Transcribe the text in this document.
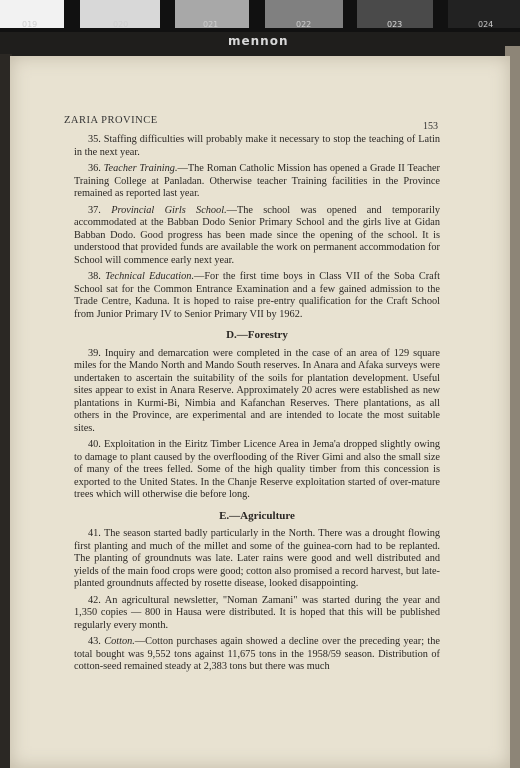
019	020	021	022	023	024
mennon
ZARIA PROVINCE
153

35. Staffing difficulties will probably make it necessary to stop the teaching of Latin in the next year.

36. Teacher Training.—The Roman Catholic Mission has opened a Grade II Teacher Training College at Panladan. Otherwise teacher Training facilities in the Province remained as reported last year.

37. Provincial Girls School.—The school was opened and temporarily accommodated at the Babban Dodo Senior Primary School and the girls live at Gidan Babban Dodo. Good progress has been made since the opening of the school. It is understood that provided funds are available the work on permanent accommodation for School will commence early next year.

38. Technical Education.—For the first time boys in Class VII of the Soba Craft School sat for the Common Entrance Examination and a few gained admission to the Trade Centre, Kaduna. It is hoped to raise pre-entry qualification for the Craft School from Junior Primary IV to Senior Primary VII by 1962.

D.—Forestry

39. Inquiry and demarcation were completed in the case of an area of 129 square miles for the Mando North and Mando South reserves. In Anara and Afaka surveys were undertaken to ascertain the suitability of the soils for plantation development. Useful sites appear to exist in Anara Reserve. Approximately 20 acres were established as new plantations in Kurmi-Bi, Nimbia and Kafanchan Reserves. There plantations, as all others in the Province, are experimental and are intended to locate the most suitable sites.

40. Exploitation in the Eiritz Timber Licence Area in Jema'a dropped slightly owing to damage to plant caused by the overflooding of the River Gimi and also the small size of many of the trees felled. Some of the high quality timber from this concession is exported to the United States. In the Chanje Reserve exploitation started of over-mature trees which will otherwise die before long.

E.—Agriculture

41. The season started badly particularly in the North. There was a drought flowing first planting and much of the millet and some of the guinea-corn had to be replanted. The planting of groundnuts was late. Later rains were good and well distributed and yields of the main food crops were good; cotton also promised a record harvest, but late-planted groundnuts affected by rosette disease, looked disappointing.

42. An agricultural newsletter, "Noman Zamani" was started during the year and 1,350 copies — 800 in Hausa were distributed. It is hoped that this will be published regularly every month.

43. Cotton.—Cotton purchases again showed a decline over the preceding year; the total bought was 9,552 tons against 11,675 tons in the 1958/59 season. Distribution of cotton-seed remained steady at 2,383 tons but there was much
